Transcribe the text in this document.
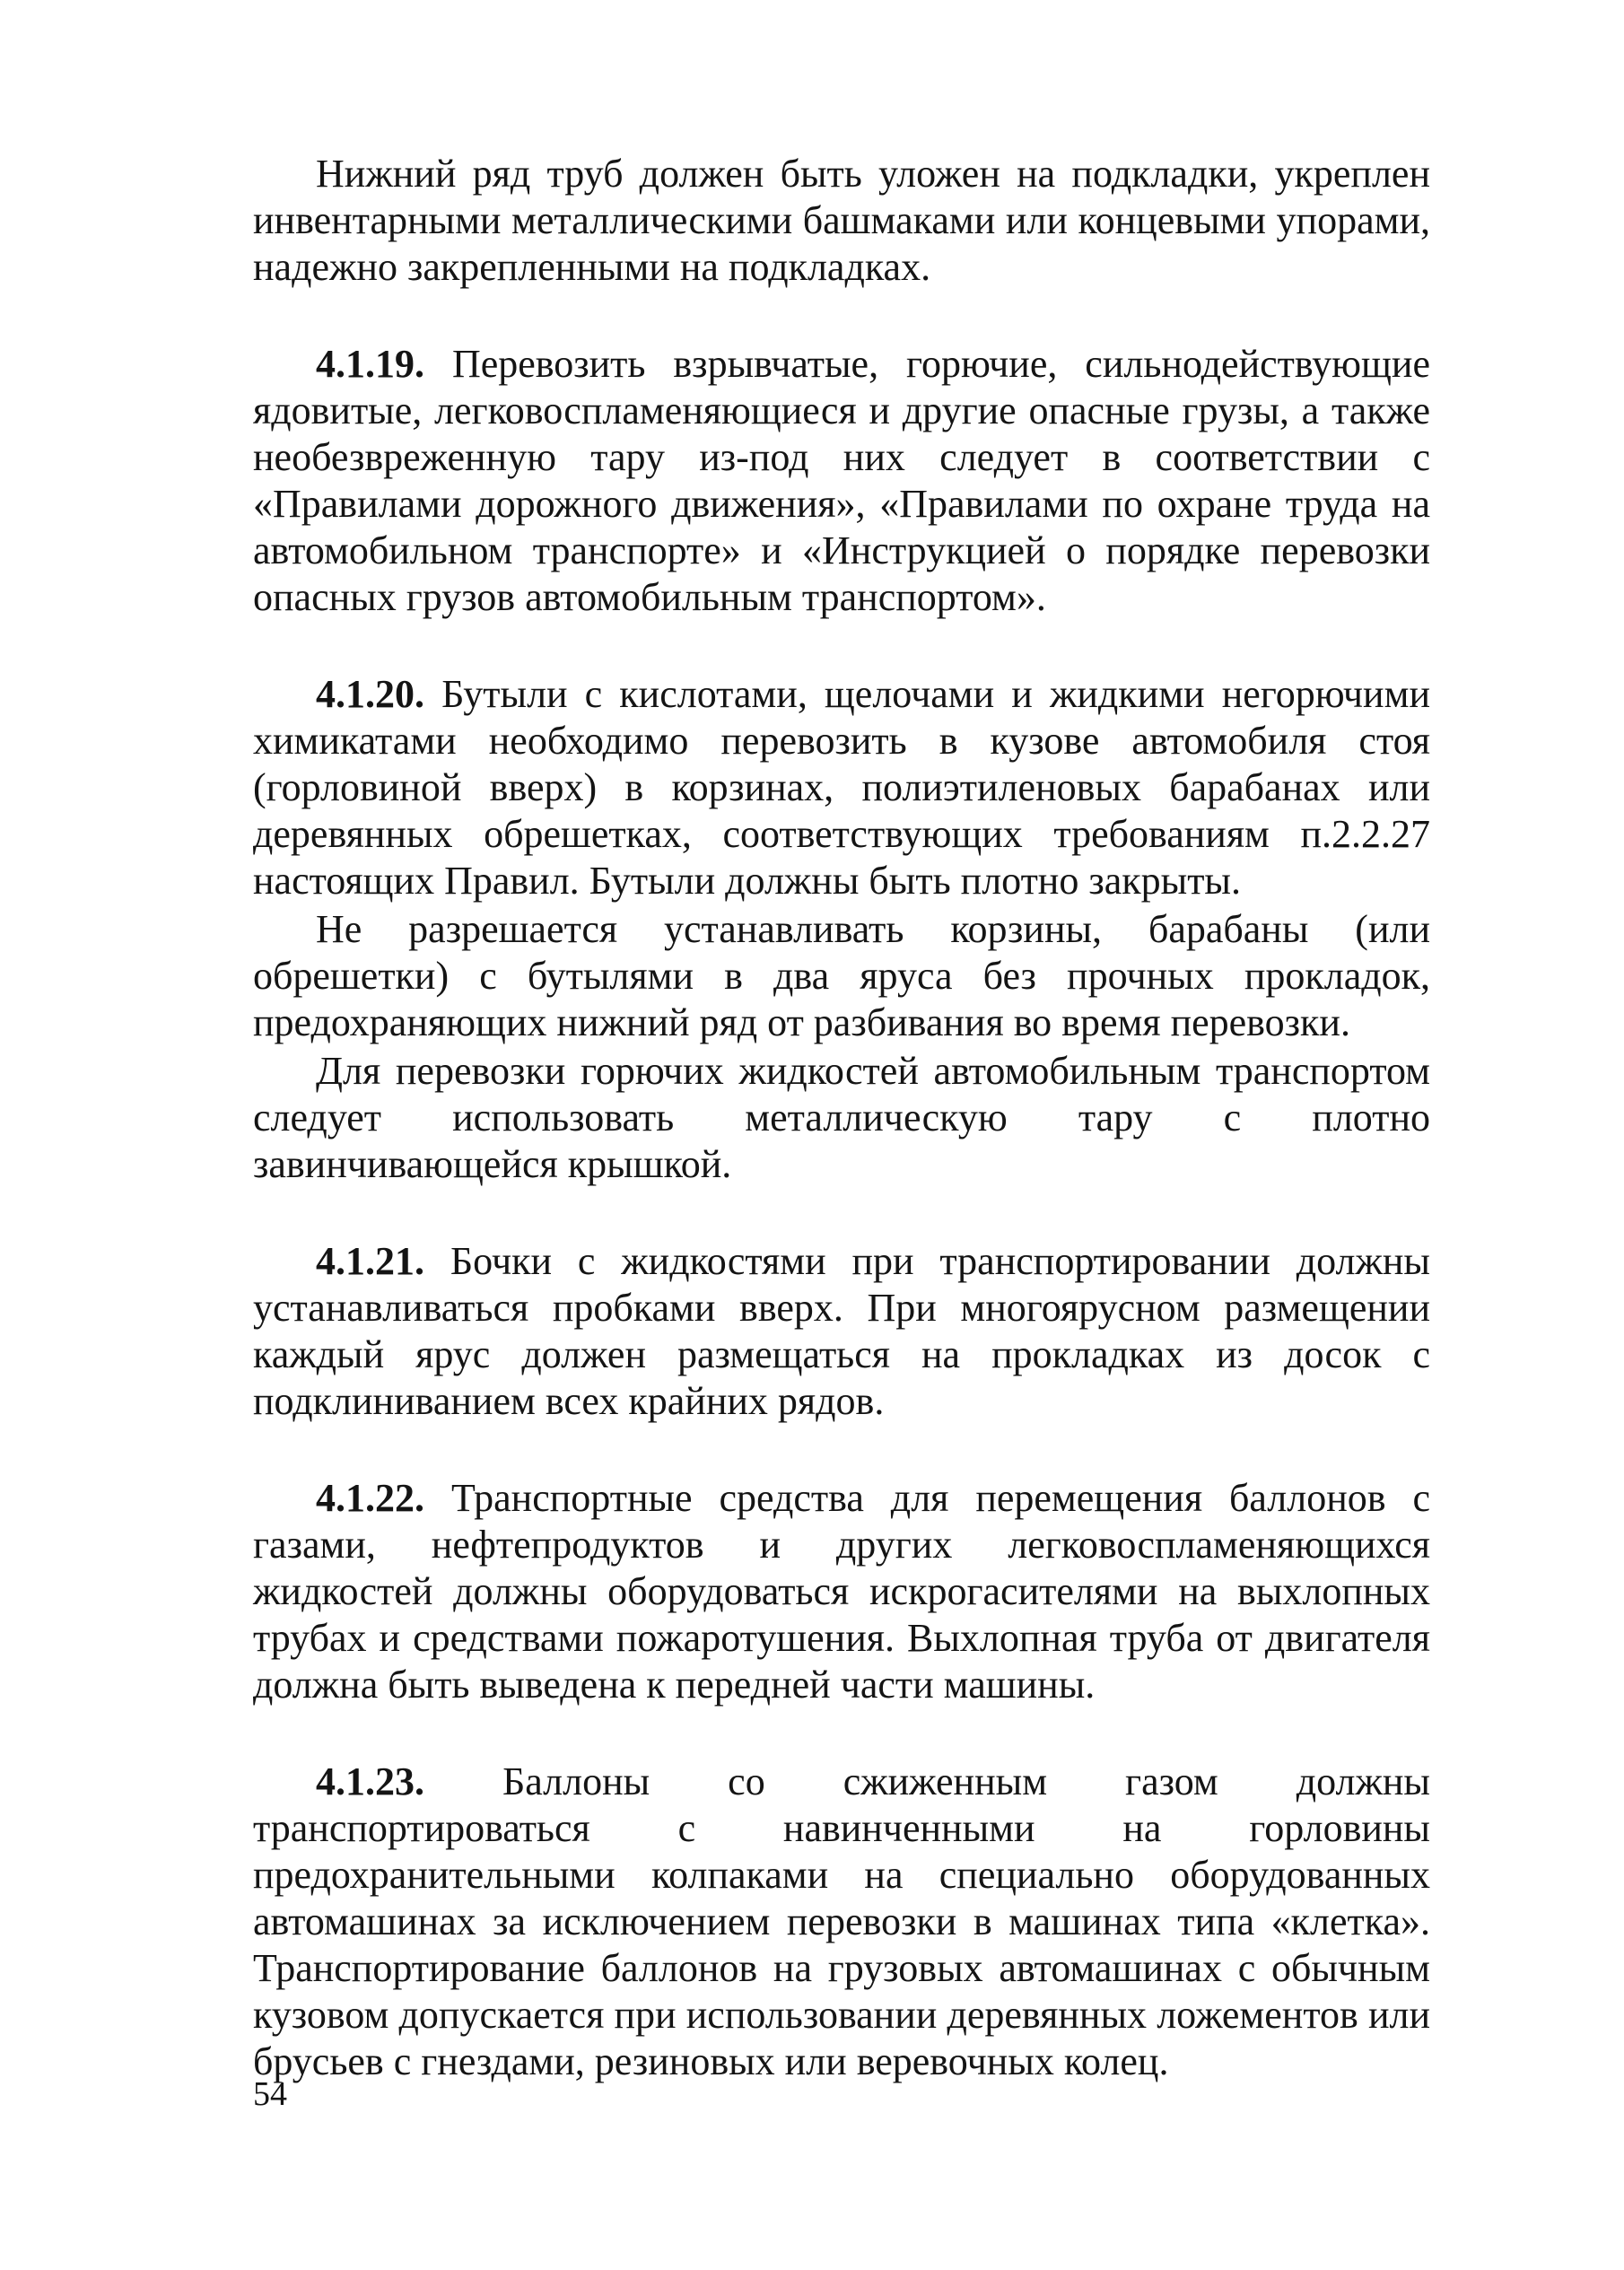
Нижний ряд труб должен быть уложен на подкладки, укреплен инвентарными металлическими башмаками или концевыми упорами, надежно закрепленными на подкладках.

4.1.19. Перевозить взрывчатые, горючие, сильнодействующие ядовитые, легковоспламеняющиеся и другие опасные грузы, а также необезвреженную тару из-под них следует в соответствии с «Правилами дорожного движения», «Правилами по охране труда на автомобильном транспорте» и «Инструкцией о порядке перевозки опасных грузов автомобильным транспортом».

4.1.20. Бутыли с кислотами, щелочами и жидкими негорючими химикатами необходимо перевозить в кузове автомобиля стоя (горловиной вверх) в корзинах, полиэтиленовых барабанах или деревянных обрешетках, соответствующих требованиям п.2.2.27 настоящих Правил. Бутыли должны быть плотно закрыты.

Не разрешается устанавливать корзины, барабаны (или обрешетки) с бутылями в два яруса без прочных прокладок, предохраняющих нижний ряд от разбивания во время перевозки.

Для перевозки горючих жидкостей автомобильным транспортом следует использовать металлическую тару с плотно завинчивающейся крышкой.

4.1.21. Бочки с жидкостями при транспортировании должны устанавливаться пробками вверх. При многоярусном размещении каждый ярус должен размещаться на прокладках из досок с подклиниванием всех крайних рядов.

4.1.22. Транспортные средства для перемещения баллонов с газами, нефтепродуктов и других легковоспламеняющихся жидкостей должны оборудоваться искрогасителями на выхлопных трубах и средствами пожаротушения. Выхлопная труба от двигателя должна быть выведена к передней части машины.

4.1.23. Баллоны со сжиженным газом должны транспортироваться с навинченными на горловины предохранительными колпаками на специально оборудованных автомашинах за исключением перевозки в машинах типа «клетка». Транспортирование баллонов на грузовых автомашинах с обычным кузовом допускается при использовании деревянных ложементов или брусьев с гнездами, резиновых или веревочных колец.

54
